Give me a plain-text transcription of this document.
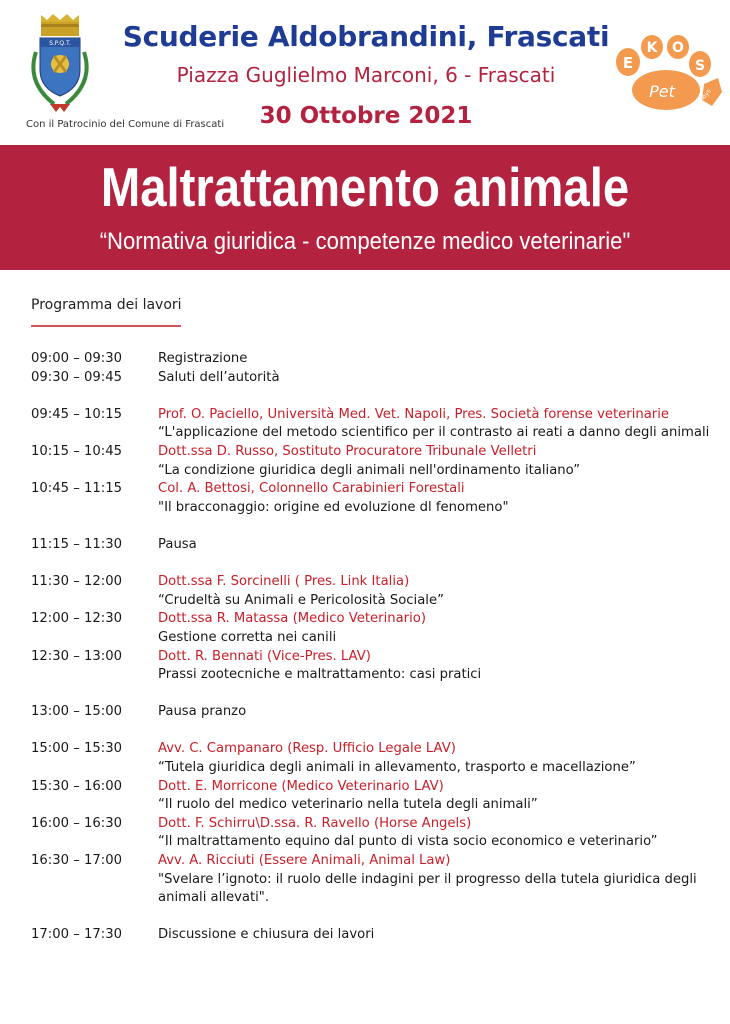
S.P.Q.T. Scuderie Aldobrandini, Frascati
Piazza Guglielmo Marconi, 6 - Frascati
30 Ottobre 2021
Con il Patrocinio del Comune di Frascati
E
K O
S
Pet	Toys
Maltrattamento animale
“Normativa giuridica - competenze medico veterinarie"
Programma dei lavori
09:00 – 09:30	Registrazione
09:30 – 09:45	Saluti dell’autorità
09:45 – 10:15	Prof. O. Paciello, Università Med. Vet. Napoli, Pres. Società forense veterinarie
“L'applicazione del metodo scientifico per il contrasto ai reati a danno degli animali
10:15 – 10:45	Dott.ssa D. Russo, Sostituto Procuratore Tribunale Velletri
“La condizione giuridica degli animali nell'ordinamento italiano”
10:45 – 11:15	Col. A. Bettosi, Colonnello Carabinieri Forestali
"Il bracconaggio: origine ed evoluzione dl fenomeno"
11:15 – 11:30	Pausa
11:30 – 12:00	Dott.ssa F. Sorcinelli ( Pres. Link Italia)
“Crudeltà su Animali e Pericolosità Sociale”
12:00 – 12:30	Dott.ssa R. Matassa (Medico Veterinario)
Gestione corretta nei canili
12:30 – 13:00	Dott. R. Bennati (Vice-Pres. LAV)
Prassi zootecniche e maltrattamento: casi pratici
13:00 – 15:00	Pausa pranzo
15:00 – 15:30	Avv. C. Campanaro (Resp. Ufficio Legale LAV)
“Tutela giuridica degli animali in allevamento, trasporto e macellazione”
15:30 – 16:00	Dott. E. Morricone (Medico Veterinario LAV)
“Il ruolo del medico veterinario nella tutela degli animali”
16:00 – 16:30	Dott. F. Schirru\D.ssa. R. Ravello (Horse Angels)
“Il maltrattamento equino dal punto di vista socio economico e veterinario”
16:30 – 17:00	Avv. A. Ricciuti (Essere Animali, Animal Law)
"Svelare l’ignoto: il ruolo delle indagini per il progresso della tutela giuridica degli animali allevati".
17:00 – 17:30	Discussione e chiusura dei lavori
